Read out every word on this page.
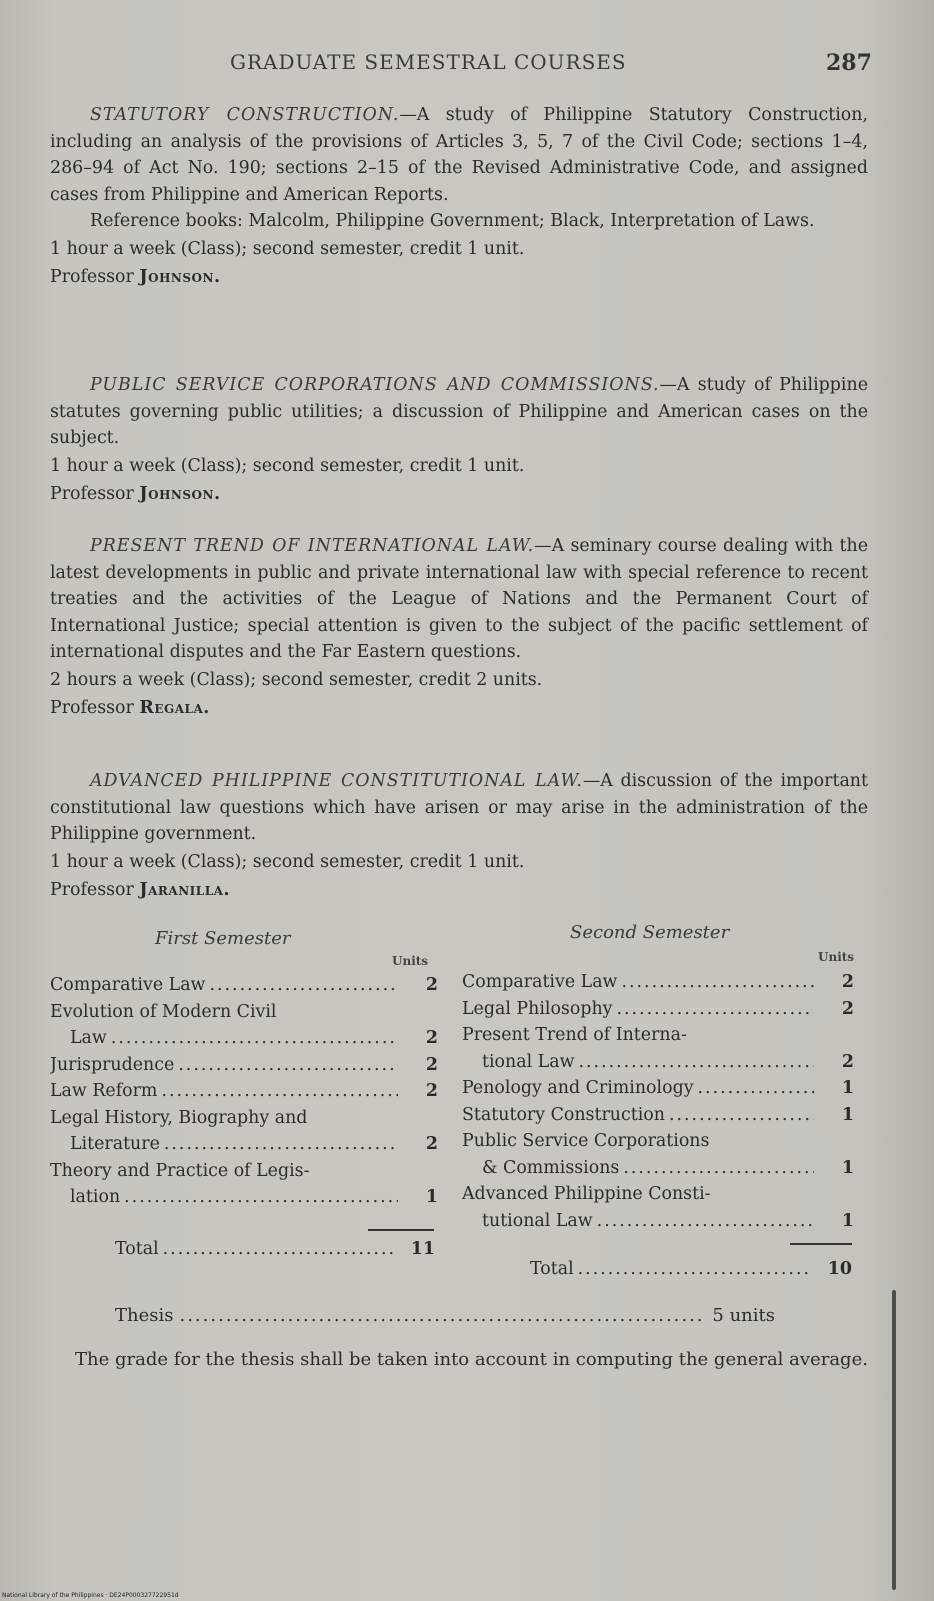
GRADUATE SEMESTRAL COURSES	287

STATUTORY CONSTRUCTION.—A study of Philippine Statutory Construction, including an analysis of the provisions of Articles 3, 5, 7 of the Civil Code; sections 1–4, 286–94 of Act No. 190; sections 2–15 of the Revised Administrative Code, and assigned cases from Philippine and American Reports.

Reference books: Malcolm, Philippine Government; Black, Interpretation of Laws.

1 hour a week (Class); second semester, credit 1 unit.

Professor Johnson.

PUBLIC SERVICE CORPORATIONS AND COMMISSIONS.—A study of Philippine statutes governing public utilities; a discussion of Philippine and American cases on the subject.

1 hour a week (Class); second semester, credit 1 unit.

Professor Johnson.

PRESENT TREND OF INTERNATIONAL LAW.—A seminary course dealing with the latest developments in public and private international law with special reference to recent treaties and the activities of the League of Nations and the Permanent Court of International Justice; special attention is given to the subject of the pacific settlement of international disputes and the Far Eastern questions.

2 hours a week (Class); second semester, credit 2 units.

Professor Regala.

ADVANCED PHILIPPINE CONSTITUTIONAL LAW.—A discussion of the important constitutional law questions which have arisen or may arise in the administration of the Philippine government.

1 hour a week (Class); second semester, credit 1 unit.

Professor Jaranilla.

First Semester
Units
Comparative Law .....	2
Evolution of Modern Civil
Law .....	2
Jurisprudence .....	2
Law Reform .....	2
Legal History, Biography and
Literature .....	2
Theory and Practice of Legis-
lation .....	1
Total .....	11
Second Semester
Units
Comparative Law .....	2
Legal Philosophy .....	2
Present Trend of Interna-
tional Law .....	2
Penology and Criminology .....	1
Statutory Construction .....	1
Public Service Corporations
& Commissions .....	1
Advanced Philippine Consti-
tutional Law .....	1
Total .....	10
Thesis .....	5 units

The grade for the thesis shall be taken into account in computing the general average.

National Library of the Philippines · DE24P000327722951d
